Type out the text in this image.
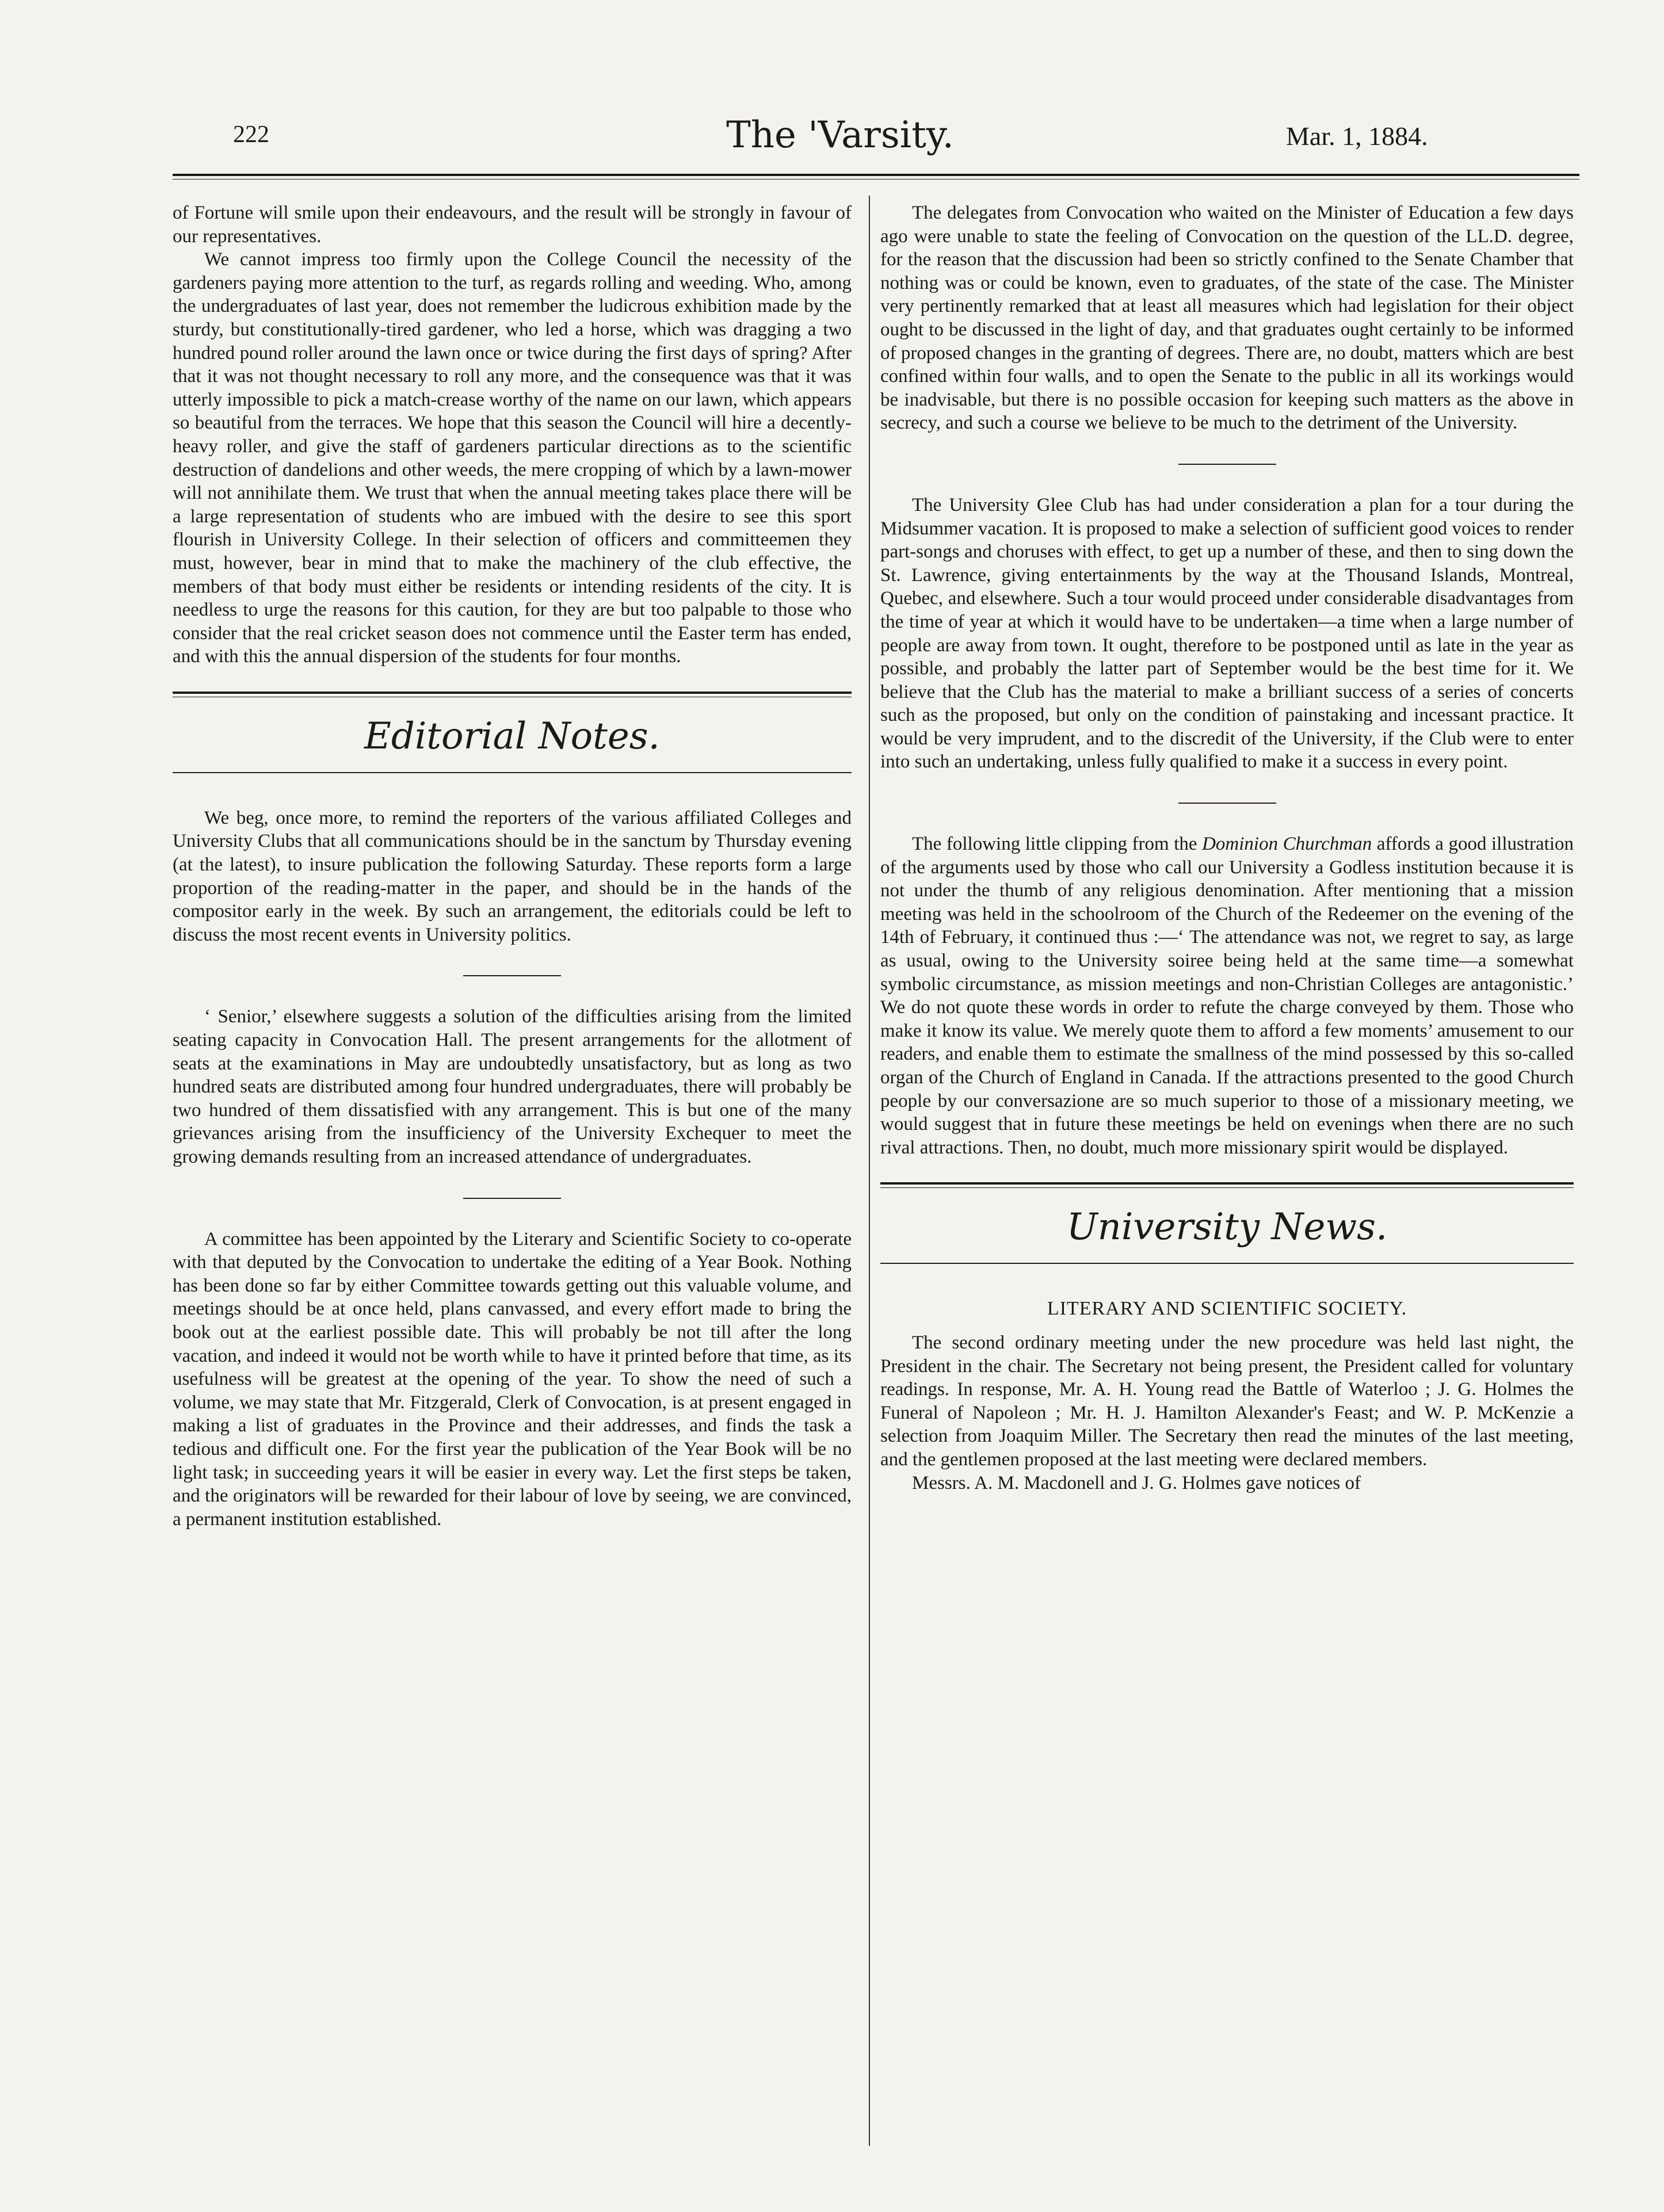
222	The 'Varsity.	Mar. 1, 1884.

of Fortune will smile upon their endeavours, and the result will be strongly in favour of our representatives.

We cannot impress too firmly upon the College Council the necessity of the gardeners paying more attention to the turf, as regards rolling and weeding. Who, among the undergraduates of last year, does not remember the ludicrous exhibition made by the sturdy, but constitutionally-tired gardener, who led a horse, which was dragging a two hundred pound roller around the lawn once or twice during the first days of spring? After that it was not thought necessary to roll any more, and the consequence was that it was utterly impossible to pick a match-crease worthy of the name on our lawn, which appears so beautiful from the terraces. We hope that this season the Council will hire a decently-heavy roller, and give the staff of gardeners particular directions as to the scientific destruction of dandelions and other weeds, the mere cropping of which by a lawn-mower will not annihilate them. We trust that when the annual meeting takes place there will be a large representation of students who are imbued with the desire to see this sport flourish in University College. In their selection of officers and committeemen they must, however, bear in mind that to make the machinery of the club effective, the members of that body must either be residents or intending residents of the city. It is needless to urge the reasons for this caution, for they are but too palpable to those who consider that the real cricket season does not commence until the Easter term has ended, and with this the annual dispersion of the students for four months.

Editorial Notes.

We beg, once more, to remind the reporters of the various affiliated Colleges and University Clubs that all communications should be in the sanctum by Thursday evening (at the latest), to insure publication the following Saturday. These reports form a large proportion of the reading-matter in the paper, and should be in the hands of the compositor early in the week. By such an arrangement, the editorials could be left to discuss the most recent events in University politics.

‘ Senior,’ elsewhere suggests a solution of the difficulties arising from the limited seating capacity in Convocation Hall. The present arrangements for the allotment of seats at the examinations in May are undoubtedly unsatisfactory, but as long as two hundred seats are distributed among four hundred undergraduates, there will probably be two hundred of them dissatisfied with any arrangement. This is but one of the many grievances arising from the insufficiency of the University Exchequer to meet the growing demands resulting from an increased attendance of undergraduates.

A committee has been appointed by the Literary and Scientific Society to co-operate with that deputed by the Convocation to undertake the editing of a Year Book. Nothing has been done so far by either Committee towards getting out this valuable volume, and meetings should be at once held, plans canvassed, and every effort made to bring the book out at the earliest possible date. This will probably be not till after the long vacation, and indeed it would not be worth while to have it printed before that time, as its usefulness will be greatest at the opening of the year. To show the need of such a volume, we may state that Mr. Fitzgerald, Clerk of Convocation, is at present engaged in making a list of graduates in the Province and their addresses, and finds the task a tedious and difficult one. For the first year the publication of the Year Book will be no light task; in succeeding years it will be easier in every way. Let the first steps be taken, and the originators will be rewarded for their labour of love by seeing, we are convinced, a permanent institution established.

The delegates from Convocation who waited on the Minister of Education a few days ago were unable to state the feeling of Convocation on the question of the LL.D. degree, for the reason that the discussion had been so strictly confined to the Senate Chamber that nothing was or could be known, even to graduates, of the state of the case. The Minister very pertinently remarked that at least all measures which had legislation for their object ought to be discussed in the light of day, and that graduates ought certainly to be informed of proposed changes in the granting of degrees. There are, no doubt, matters which are best confined within four walls, and to open the Senate to the public in all its workings would be inadvisable, but there is no possible occasion for keeping such matters as the above in secrecy, and such a course we believe to be much to the detriment of the University.

The University Glee Club has had under consideration a plan for a tour during the Midsummer vacation. It is proposed to make a selection of sufficient good voices to render part-songs and choruses with effect, to get up a number of these, and then to sing down the St. Lawrence, giving entertainments by the way at the Thousand Islands, Montreal, Quebec, and elsewhere. Such a tour would proceed under considerable disadvantages from the time of year at which it would have to be undertaken—a time when a large number of people are away from town. It ought, therefore to be postponed until as late in the year as possible, and probably the latter part of September would be the best time for it. We believe that the Club has the material to make a brilliant success of a series of concerts such as the proposed, but only on the condition of painstaking and incessant practice. It would be very imprudent, and to the discredit of the University, if the Club were to enter into such an undertaking, unless fully qualified to make it a success in every point.

The following little clipping from the Dominion Churchman affords a good illustration of the arguments used by those who call our University a Godless institution because it is not under the thumb of any religious denomination. After mentioning that a mission meeting was held in the schoolroom of the Church of the Redeemer on the evening of the 14th of February, it continued thus :—‘ The attendance was not, we regret to say, as large as usual, owing to the University soiree being held at the same time—a somewhat symbolic circumstance, as mission meetings and non-Christian Colleges are antagonistic.’ We do not quote these words in order to refute the charge conveyed by them. Those who make it know its value. We merely quote them to afford a few moments’ amusement to our readers, and enable them to estimate the smallness of the mind possessed by this so-called organ of the Church of England in Canada. If the attractions presented to the good Church people by our conversazione are so much superior to those of a missionary meeting, we would suggest that in future these meetings be held on evenings when there are no such rival attractions. Then, no doubt, much more missionary spirit would be displayed.

University News.
LITERARY AND SCIENTIFIC SOCIETY.

The second ordinary meeting under the new procedure was held last night, the President in the chair. The Secretary not being present, the President called for voluntary readings. In response, Mr. A. H. Young read the Battle of Waterloo ; J. G. Holmes the Funeral of Napoleon ; Mr. H. J. Hamilton Alexander's Feast; and W. P. McKenzie a selection from Joaquim Miller. The Secretary then read the minutes of the last meeting, and the gentlemen proposed at the last meeting were declared members.

Messrs. A. M. Macdonell and J. G. Holmes gave notices of
